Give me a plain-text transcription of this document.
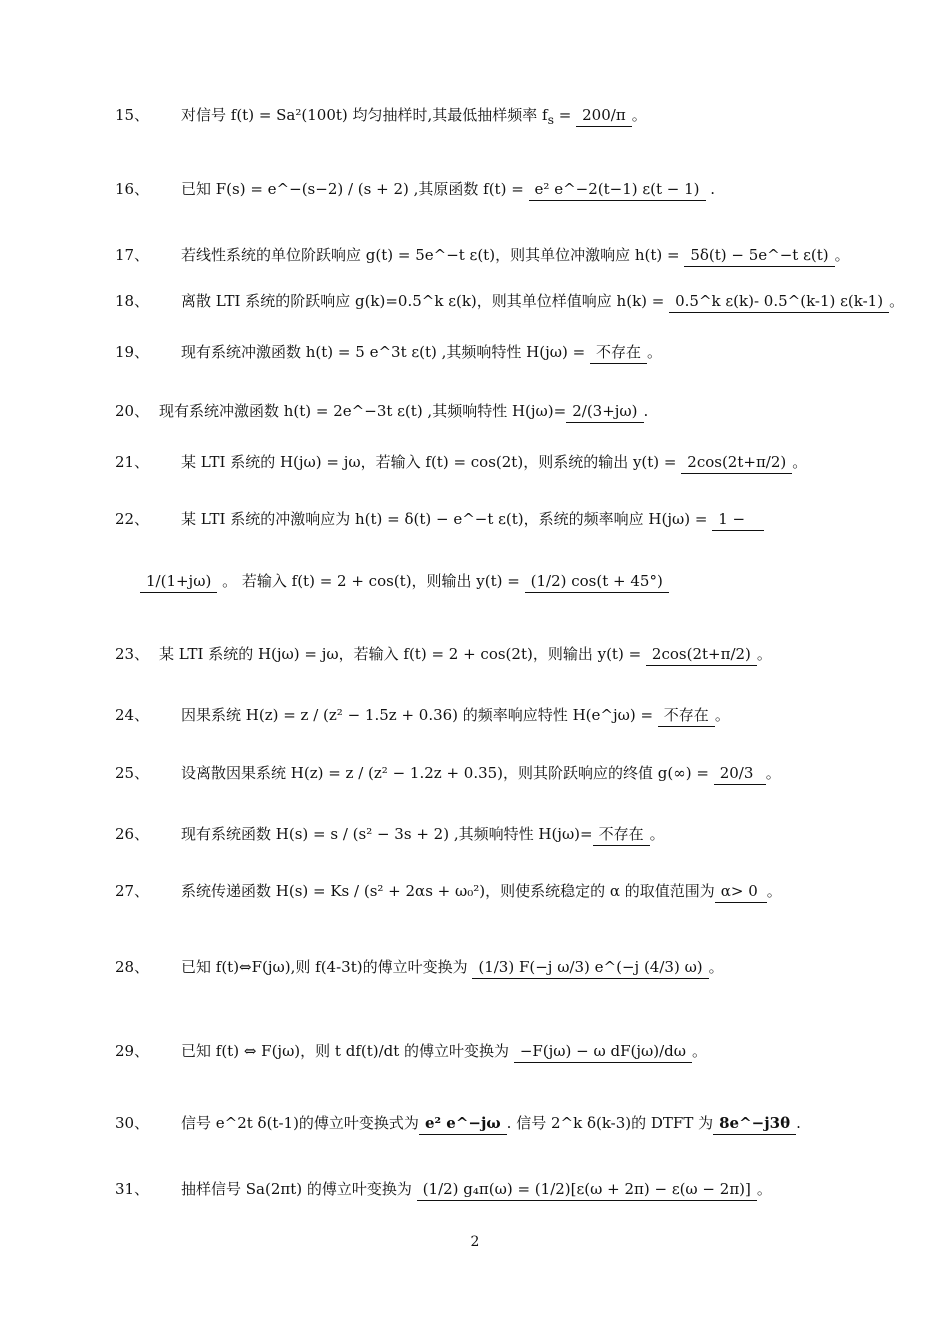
15、	对信号 f(t) = Sa²(100t) 均匀抽样时,其最低抽样频率 $f_s = 200/\pi$ 。
16、	已知 F(s) = e^−(s−2) / (s + 2) ,其原函数 f(t) = e² e^−2(t−1) ε(t − 1) .
17、	若线性系统的单位阶跃响应 g(t) = 5e^−t ε(t)，则其单位冲激响应 h(t) = 5δ(t) − 5e^−t ε(t) 。
18、	离散 LTI 系统的阶跃响应 g(k)=0.5^k ε(k)，则其单位样值响应 h(k) = 0.5^k ε(k)- 0.5^(k-1) ε(k-1) 。
19、	现有系统冲激函数 h(t) = 5 e^3t ε(t) ,其频响特性 H(jω) = 不存在 。
20、 现有系统冲激函数 h(t) = 2e^−3t ε(t) ,其频响特性 H(jω)= 2/(3+jω) .
21、	某 LTI 系统的 H(jω) = jω，若输入 f(t) = cos(2t)，则系统的输出 y(t) = 2cos(2t+π/2) 。
22、	某 LTI 系统的冲激响应为 h(t) = δ(t) − e^−t ε(t)，系统的频率响应 H(jω) = 1 −
1/(1+jω) 。 若输入 f(t) = 2 + cos(t)，则输出 y(t) = (1/2) cos(t + 45°)
23、 某 LTI 系统的 H(jω) = jω，若输入 f(t) = 2 + cos(2t)，则输出 y(t) = 2cos(2t+π/2) 。
24、	因果系统 H(z) = z / (z² − 1.5z + 0.36) 的频率响应特性 H(e^jω) = 不存在 。
25、	设离散因果系统 H(z) = z / (z² − 1.2z + 0.35)，则其阶跃响应的终值 g(∞) = 20/3 。
26、	现有系统函数 H(s) = s / (s² − 3s + 2) ,其频响特性 H(jω)= 不存在 。
27、	系统传递函数 H(s) = Ks / (s² + 2αs + ω₀²)，则使系统稳定的 α 的取值范围为 α> 0 。
28、	已知 f(t)⇔F(jω),则 f(4-3t)的傅立叶变换为 (1/3) F(−j ω/3) e^(−j (4/3) ω) 。
29、	已知 f(t) ⇔ F(jω)，则 t df(t)/dt 的傅立叶变换为 −F(jω) − ω dF(jω)/dω 。
30、	信号 e^2t δ(t-1)的傅立叶变换式为 e² e^−jω . 信号 2^k δ(k-3)的 DTFT 为 8e^−j3θ .
31、	抽样信号 Sa(2πt) 的傅立叶变换为 (1/2) g₄π(ω) = (1/2)[ε(ω + 2π) − ε(ω − 2π)] 。
2
